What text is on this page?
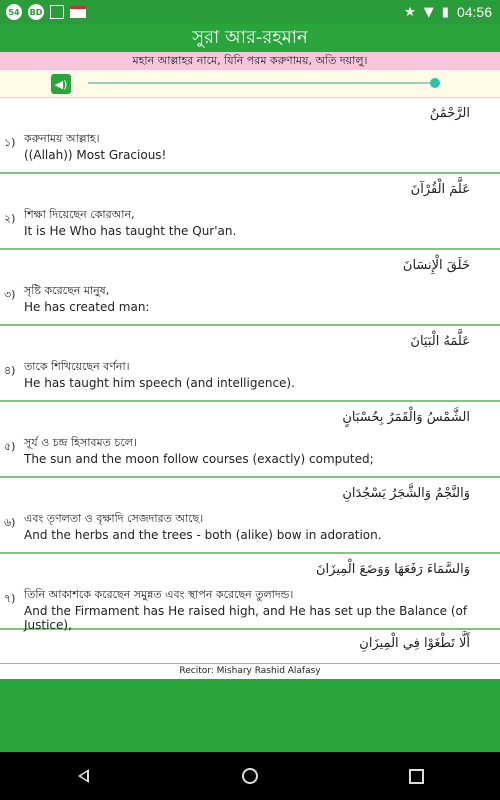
54	BD	★ ▼ ▮ 04:56
সুরা আর-রহমান
মহান আল্লাহর নামে, যিনি পরম করুণাময়, অতি দয়ালু।
◀)
الرَّحْمَٰنُ
১) করুনাময় আল্লাহ।
((Allah)) Most Gracious!
عَلَّمَ الْقُرْآنَ
২) শিক্ষা দিয়েছেন কোরআন,
It is He Who has taught the Qur'an.
خَلَقَ الْإِنسَانَ
৩) সৃষ্টি করেছেন মানুষ,
He has created man:
عَلَّمَهُ الْبَيَانَ
৪) তাকে শিখিয়েছেন বর্ণনা।
He has taught him speech (and intelligence).
الشَّمْسُ وَالْقَمَرُ بِحُسْبَانٍ
৫) সূর্য ও চন্দ্র হিসাবমত চলে।
The sun and the moon follow courses (exactly) computed;
وَالنَّجْمُ وَالشَّجَرُ يَسْجُدَانِ
৬) এবং তৃণলতা ও বৃক্ষাদি সেজদারত আছে।
And the herbs and the trees - both (alike) bow in adoration.
وَالسَّمَاءَ رَفَعَهَا وَوَضَعَ الْمِيزَانَ
৭) তিনি আকাশকে করেছেন সমুন্নত এবং স্থাপন করেছেন তুলাদন্ড।
And the Firmament has He raised high, and He has set up the Balance (of Justice),
أَلَّا تَطْغَوْا فِي الْمِيزَانِ
Recitor: Mishary Rashid Alafasy
